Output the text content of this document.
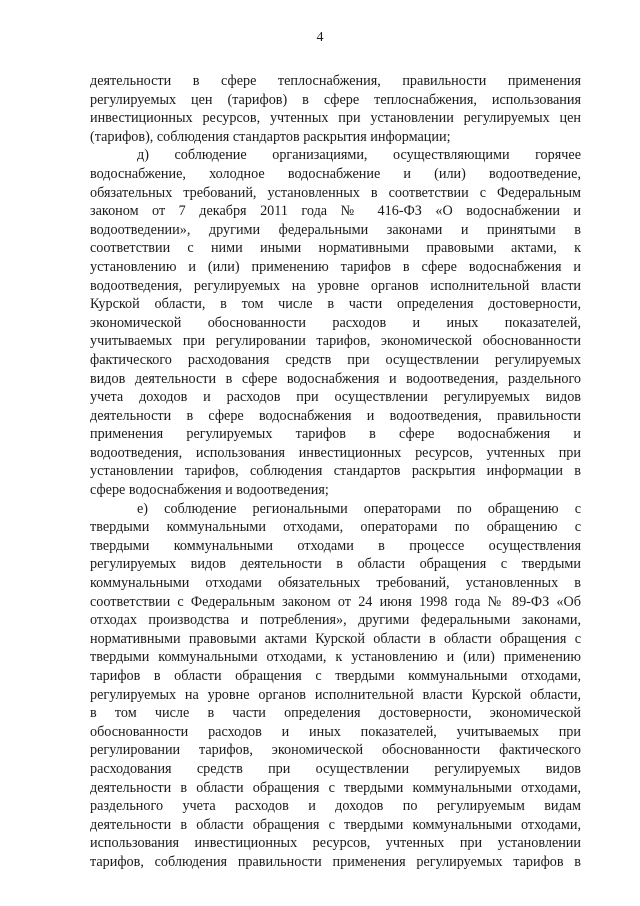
4
деятельности в сфере теплоснабжения, правильности применения
регулируемых цен (тарифов) в сфере теплоснабжения, использования
инвестиционных ресурсов, учтенных при установлении регулируемых цен
(тарифов), соблюдения стандартов раскрытия информации;
д) соблюдение организациями, осуществляющими горячее
водоснабжение, холодное водоснабжение и (или) водоотведение,
обязательных требований, установленных в соответствии с Федеральным
законом от 7 декабря 2011 года № 416-ФЗ «О водоснабжении и
водоотведении», другими федеральными законами и принятыми в
соответствии с ними иными нормативными правовыми актами, к
установлению и (или) применению тарифов в сфере водоснабжения и
водоотведения, регулируемых на уровне органов исполнительной власти
Курской области, в том числе в части определения достоверности,
экономической обоснованности расходов и иных показателей,
учитываемых при регулировании тарифов, экономической обоснованности
фактического расходования средств при осуществлении регулируемых
видов деятельности в сфере водоснабжения и водоотведения, раздельного
учета доходов и расходов при осуществлении регулируемых видов
деятельности в сфере водоснабжения и водоотведения, правильности
применения регулируемых тарифов в сфере водоснабжения и
водоотведения, использования инвестиционных ресурсов, учтенных при
установлении тарифов, соблюдения стандартов раскрытия информации в
сфере водоснабжения и водоотведения;
е) соблюдение региональными операторами по обращению с
твердыми коммунальными отходами, операторами по обращению с
твердыми коммунальными отходами в процессе осуществления
регулируемых видов деятельности в области обращения с твердыми
коммунальными отходами обязательных требований, установленных в
соответствии с Федеральным законом от 24 июня 1998 года № 89-ФЗ «Об
отходах производства и потребления», другими федеральными законами,
нормативными правовыми актами Курской области в области обращения с
твердыми коммунальными отходами, к установлению и (или) применению
тарифов в области обращения с твердыми коммунальными отходами,
регулируемых на уровне органов исполнительной власти Курской области,
в том числе в части определения достоверности, экономической
обоснованности расходов и иных показателей, учитываемых при
регулировании тарифов, экономической обоснованности фактического
расходования средств при осуществлении регулируемых видов
деятельности в области обращения с твердыми коммунальными отходами,
раздельного учета расходов и доходов по регулируемым видам
деятельности в области обращения с твердыми коммунальными отходами,
использования инвестиционных ресурсов, учтенных при установлении
тарифов, соблюдения правильности применения регулируемых тарифов в
